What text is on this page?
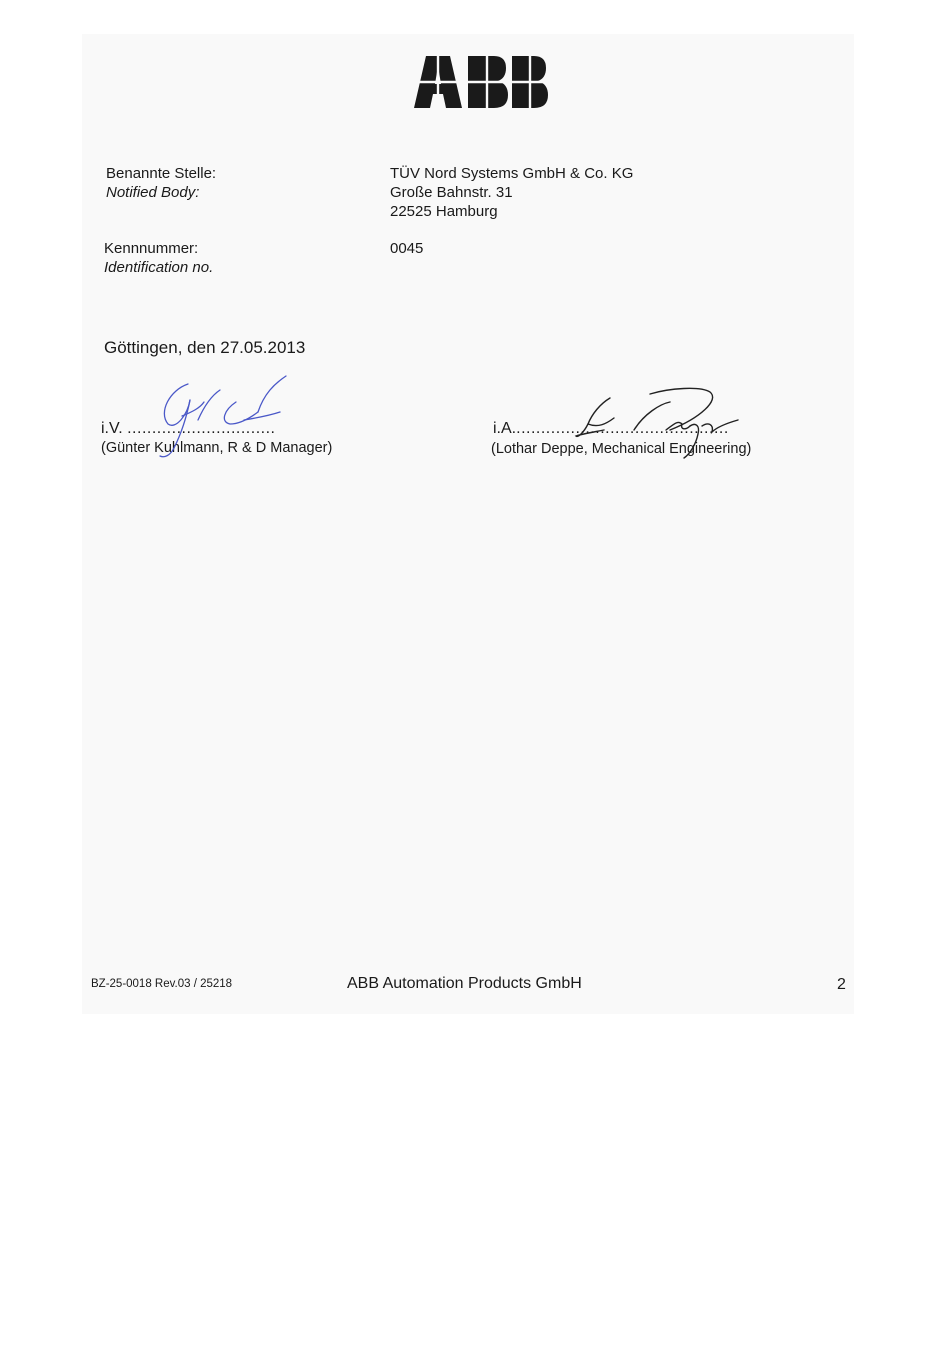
Benannte Stelle:
Notified Body:
TÜV Nord Systems GmbH & Co. KG
Große Bahnstr. 31
22525 Hamburg
Kennnummer:
Identification no.
0045
Göttingen, den 27.05.2013
i.V. ..............................
(Günter Kuhlmann, R & D Manager)
i.A............................................
(Lothar Deppe, Mechanical Engineering)
BZ-25-0018 Rev.03 / 25218	ABB Automation Products GmbH	2
